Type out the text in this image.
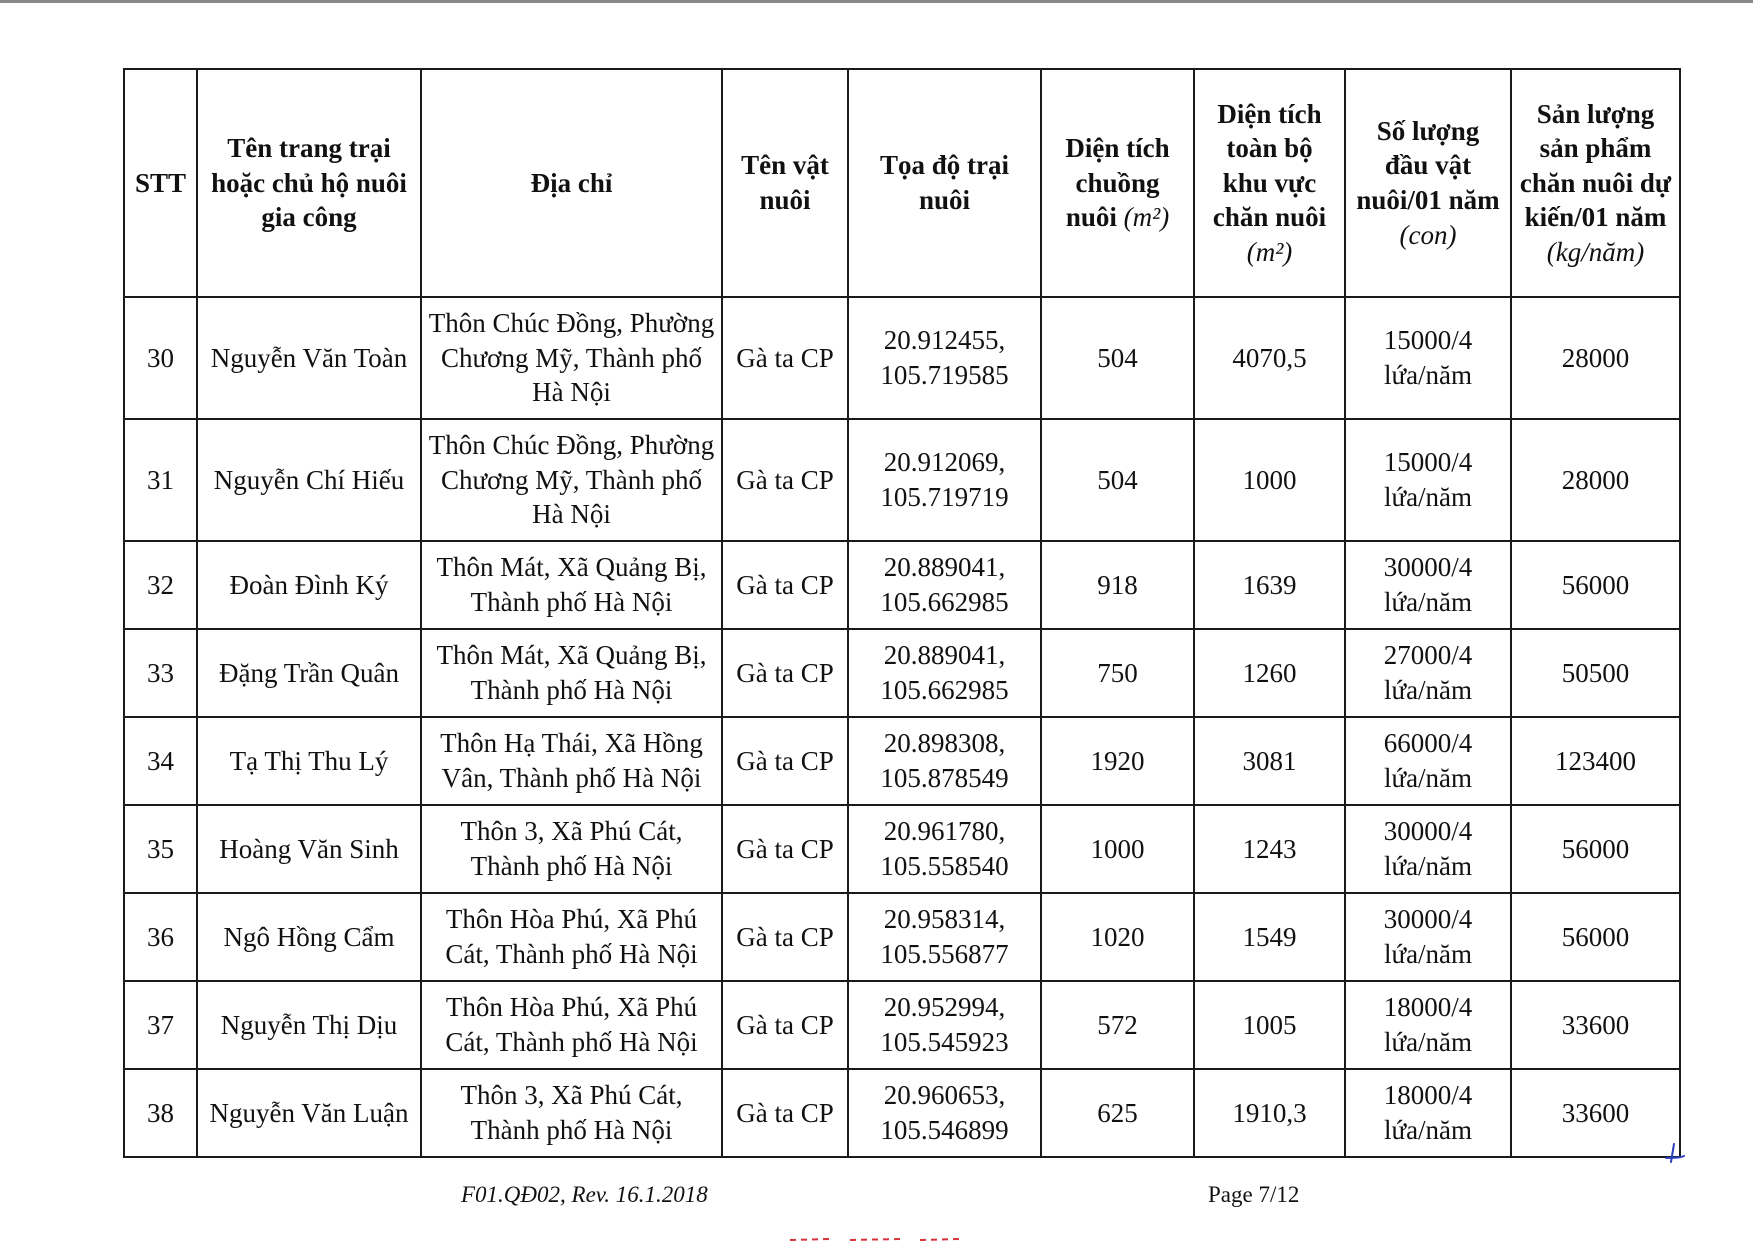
STT	Tên trang trại hoặc chủ hộ nuôi gia công	Địa chỉ	Tên vật nuôi	Tọa độ trại nuôi	Diện tích chuồng nuôi (m²)	Diện tích toàn bộ khu vực chăn nuôi
(m²)	Số lượng đầu vật nuôi/01 năm (con)	Sản lượng sản phẩm chăn nuôi dự kiến/01 năm
(kg/năm)
30	Nguyễn Văn Toàn	Thôn Chúc Đồng, Phường Chương Mỹ, Thành phố Hà Nội	Gà ta CP	20.912455, 105.719585	504	4070,5	15000/4 lứa/năm	28000
31	Nguyễn Chí Hiếu	Thôn Chúc Đồng, Phường Chương Mỹ, Thành phố Hà Nội	Gà ta CP	20.912069, 105.719719	504	1000	15000/4 lứa/năm	28000
32	Đoàn Đình Ký	Thôn Mát, Xã Quảng Bị, Thành phố Hà Nội	Gà ta CP	20.889041, 105.662985	918	1639	30000/4 lứa/năm	56000
33	Đặng Trần Quân	Thôn Mát, Xã Quảng Bị, Thành phố Hà Nội	Gà ta CP	20.889041, 105.662985	750	1260	27000/4 lứa/năm	50500
34	Tạ Thị Thu Lý	Thôn Hạ Thái, Xã Hồng Vân, Thành phố Hà Nội	Gà ta CP	20.898308, 105.878549	1920	3081	66000/4 lứa/năm	123400
35	Hoàng Văn Sinh	Thôn 3, Xã Phú Cát, Thành phố Hà Nội	Gà ta CP	20.961780, 105.558540	1000	1243	30000/4 lứa/năm	56000
36	Ngô Hồng Cẩm	Thôn Hòa Phú, Xã Phú Cát, Thành phố Hà Nội	Gà ta CP	20.958314, 105.556877	1020	1549	30000/4 lứa/năm	56000
37	Nguyễn Thị Dịu	Thôn Hòa Phú, Xã Phú Cát, Thành phố Hà Nội	Gà ta CP	20.952994, 105.545923	572	1005	18000/4 lứa/năm	33600
38	Nguyễn Văn Luận	Thôn 3, Xã Phú Cát, Thành phố Hà Nội	Gà ta CP	20.960653, 105.546899	625	1910,3	18000/4 lứa/năm	33600
F01.QĐ02, Rev. 16.1.2018	Page 7/12
